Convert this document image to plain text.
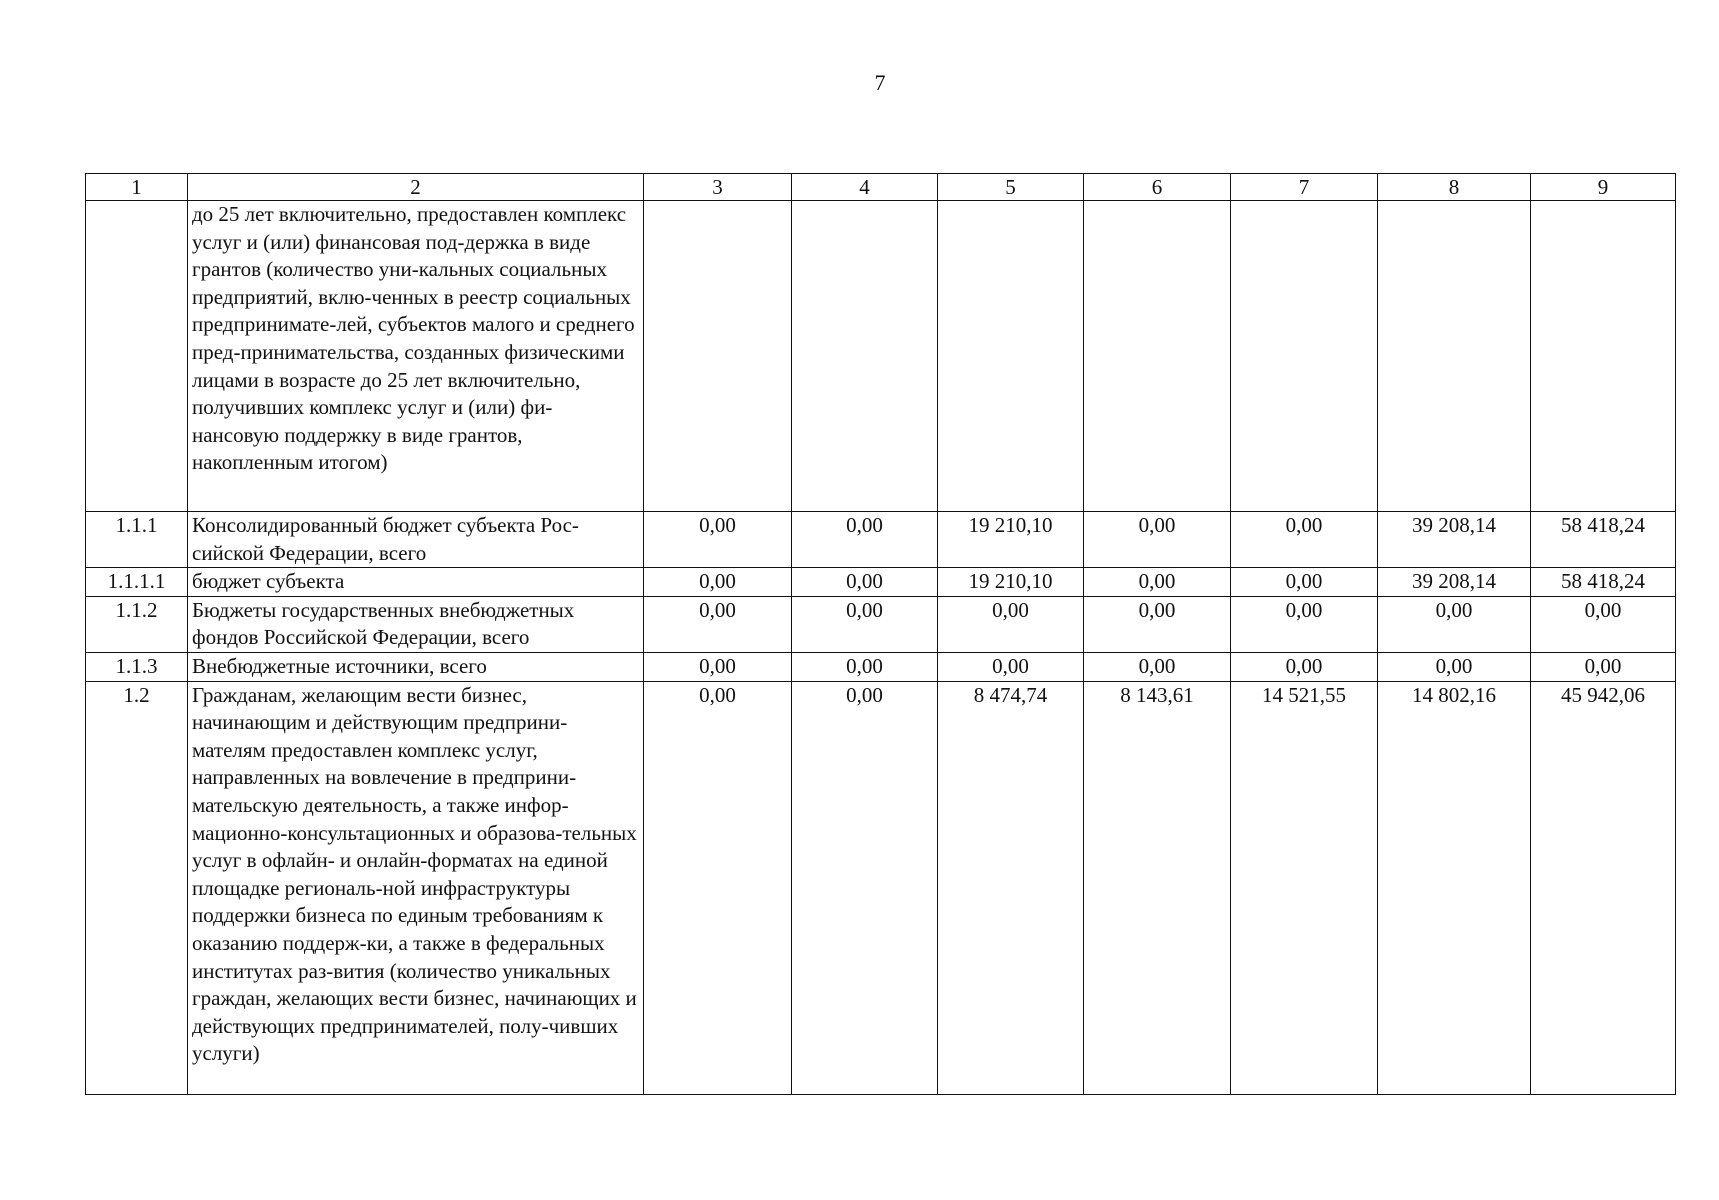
7
1	2	3	4	5	6	7	8	9
	до 25 лет включительно, предоставлен комплекс услуг и (или) финансовая под-держка в виде грантов (количество уни-кальных социальных предприятий, вклю-ченных в реестр социальных предприниматe-лей, субъектов малого и среднего пред-принимательства, созданных физическими лицами в возрасте до 25 лет включительно, получивших комплекс услуг и (или) фи-нансовую поддержку в виде грантов, накопленным итогом)							
1.1.1	Консолидированный бюджет субъекта Рос-сийской Федерации, всего	0,00	0,00	19 210,10	0,00	0,00	39 208,14	58 418,24
1.1.1.1	бюджет субъекта	0,00	0,00	19 210,10	0,00	0,00	39 208,14	58 418,24
1.1.2	Бюджеты государственных внебюджетных фондов Российской Федерации, всего	0,00	0,00	0,00	0,00	0,00	0,00	0,00
1.1.3	Внебюджетные источники, всего	0,00	0,00	0,00	0,00	0,00	0,00	0,00
1.2	Гражданам, желающим вести бизнес, начинающим и действующим предприни-мателям предоставлен комплекс услуг, направленных на вовлечение в предприни-мательскую деятельность, а также инфор-мационно-консультационных и образова-тельных услуг в офлайн- и онлайн-форматах на единой площадке региональ-ной инфраструктуры поддержки бизнеса по единым требованиям к оказанию поддерж-ки, а также в федеральных институтах раз-вития (количество уникальных граждан, желающих вести бизнес, начинающих и действующих предпринимателей, полу-чивших услуги)	0,00	0,00	8 474,74	8 143,61	14 521,55	14 802,16	45 942,06
